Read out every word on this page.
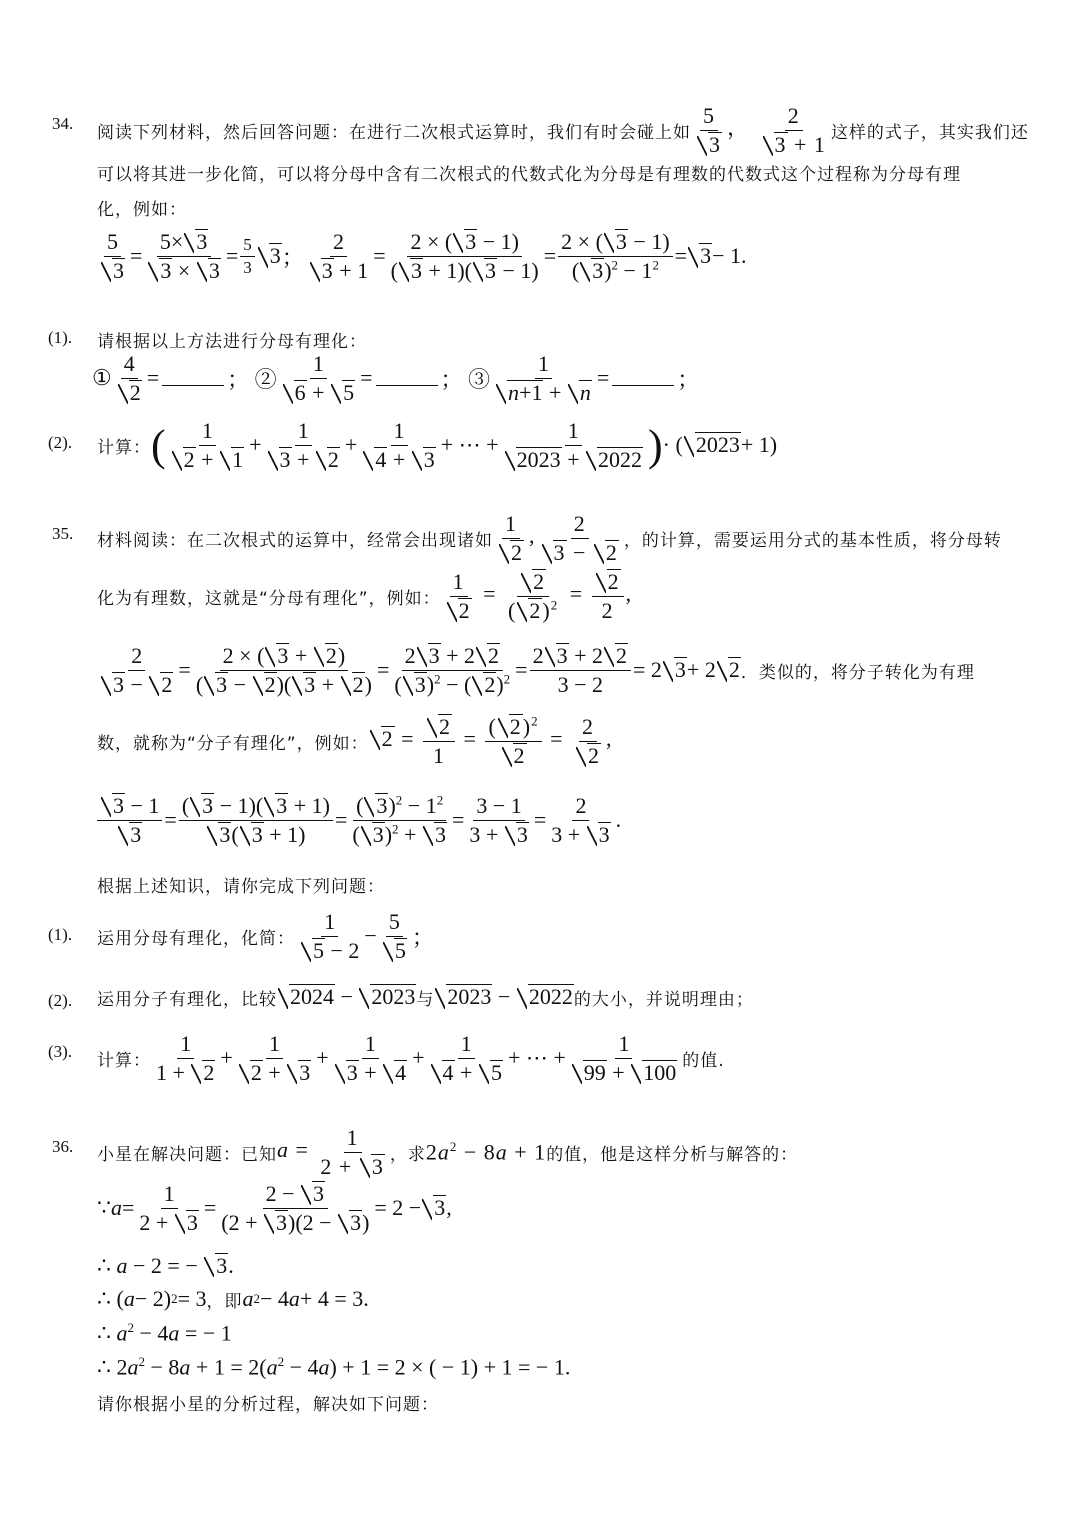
34. 阅读下列材料，然后回答问题：在进行二次根式运算时，我们有时会碰上如 $\frac{5}{3}$ ， $\frac{2}{3 + 1}$ 这样的式子，其实我们还
可以将其进一步化简，可以将分母中含有二次根式的代数式化为分母是有理数的代数式这个过程称为分母有理
化，例如：
5
3
=
5× 3
3 × 3
= 5
3 3 ；
2
3 + 1
=
2 × ( 3 − 1)
( 3 + 1)( 3 − 1)
=
2 × ( 3 − 1)
( $3)^2 - 1^2 = 3 - 1$.
(1). 请根据以上方法进行分母有理化：
①
4
2
=	； ②
1
6 + 5
=	； ③
1
n+1 + n
=	；
(2). 计算： ( 1
2 + 1
+
1
3 + 2
+
1
4 + 3
+ ⋯ +
1
2023 + 2022 ) · ( 2023 + 1)
35. 材料阅读：在二次根式的运算中，经常会出现诸如 $\frac{1}{2}$ , $\frac{2}{3 - 2}$ ，的计算，需要运用分式的基本性质，将分母转
化为有理数，这就是“分母有理化”，例如： $\frac{1}{2} = \frac{2}{( 2)^2} = \frac{2}{2}$ ,
2
3 − 2
=
2 × ( 3 + 2)
( 3 − 2)( 3 + 2)
=
2 3 + 2 2
( 3)$^2$ − ( 2)$^2$ =
2 3 + 2 2
3 − 2
= 2 3 + 2 2 ．类似的，将分子转化为有理
数，就称为“分子有理化”，例如： $2 = \frac{2}{1} = \frac{( 2)^2}{2} = \frac{2}{2}$ ,
3 − 1
3
=
( 3 − 1)( 3 + 1)
3( 3 + 1)
=
( $3)^2 - 1^2$
( 3)$^2$ + 3
=
3 − 1
3 + 3
=
2
3 + 3
.
根据上述知识，请你完成下列问题：
(1). 运用分母有理化，化简：
1
5 − 2
−
5
5
；
(2). 运用分子有理化，比较 2024 − 2023 与 2023 − 2022 的大小，并说明理由；
(3). 计算：
1
1 + 2
+
1
2 + 3
+
1
3 + 4
+
1
4 + 5
+ ⋯ +
1
99 + 100 的值.
36. 小星在解决问题：已知 $a = \frac{1}{2 + 3}$ ，求 $2a^2 - 8a + 1$ 的值，他是这样分析与解答的：
∵ a =
1
2 + 3
=
2 − 3
(2 + 3)(2 − 3)
= 2 − 3 ,
∴ a − 2 = − 3.
∴ ( a − 2) 2 = 3 ，即 a 2 − 4 a + 4 = 3.
∴ $a^2 - 4a$ = − 1
∴ $2a^2 - 8a + 1 = 2(a^2 - 4a) + 1 = 2$ × ( − 1) + 1 = − 1.
请你根据小星的分析过程，解决如下问题：
